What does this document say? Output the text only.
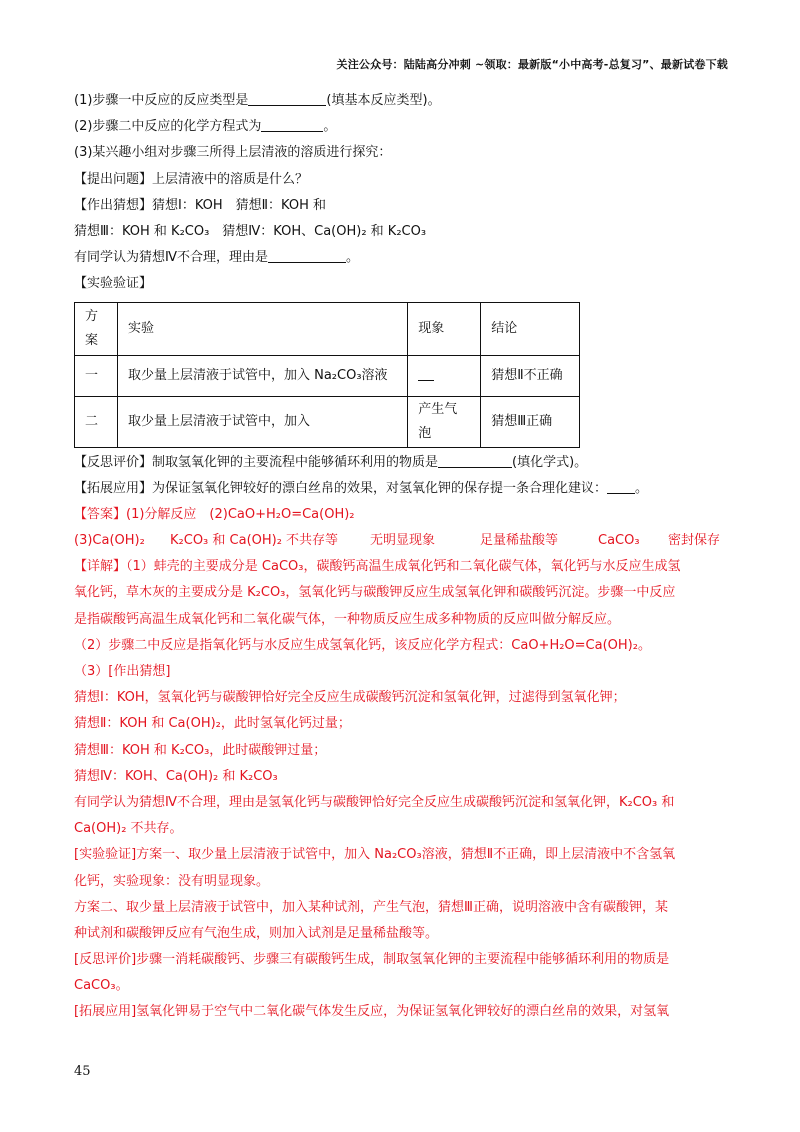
关注公众号：陆陆高分冲刺 ~领取：最新版“小中高考-总复习”、最新试卷下载
(1)步骤一中反应的反应类型是	(填基本反应类型)。
(2)步骤二中反应的化学方程式为	。
(3)某兴趣小组对步骤三所得上层清液的溶质进行探究：
【提出问题】上层清液中的溶质是什么？
【作出猜想】猜想Ⅰ：KOH　猜想Ⅱ：KOH 和
猜想Ⅲ：KOH 和 K₂CO₃　猜想Ⅳ：KOH、Ca(OH)₂ 和 K₂CO₃
有同学认为猜想Ⅳ不合理，理由是	。
【实验验证】
方案	实验	现象	结论
一	取少量上层清液于试管中，加入 Na₂CO₃溶液		猜想Ⅱ不正确
二	取少量上层清液于试管中，加入	产生气泡	猜想Ⅲ正确
【反思评价】制取氢氧化钾的主要流程中能够循环利用的物质是	(填化学式)。
【拓展应用】为保证氢氧化钾较好的漂白丝帛的效果，对氢氧化钾的保存提一条合理化建议： 。
【答案】(1)分解反应　(2)CaO+H₂O=Ca(OH)₂
(3)Ca(OH)₂	K₂CO₃ 和 Ca(OH)₂ 不共存等	无明显现象	足量稀盐酸等	CaCO₃	密封保存
【详解】（1）蚌壳的主要成分是 CaCO₃，碳酸钙高温生成氧化钙和二氧化碳气体，氧化钙与水反应生成氢
氧化钙，草木灰的主要成分是 K₂CO₃，氢氧化钙与碳酸钾反应生成氢氧化钾和碳酸钙沉淀。步骤一中反应
是指碳酸钙高温生成氧化钙和二氧化碳气体，一种物质反应生成多种物质的反应叫做分解反应。
（2）步骤二中反应是指氧化钙与水反应生成氢氧化钙，该反应化学方程式：CaO+H₂O=Ca(OH)₂。
（3）[作出猜想]
猜想Ⅰ：KOH，氢氧化钙与碳酸钾恰好完全反应生成碳酸钙沉淀和氢氧化钾，过滤得到氢氧化钾；
猜想Ⅱ：KOH 和 Ca(OH)₂，此时氢氧化钙过量；
猜想Ⅲ：KOH 和 K₂CO₃，此时碳酸钾过量；
猜想Ⅳ：KOH、Ca(OH)₂ 和 K₂CO₃
有同学认为猜想Ⅳ不合理，理由是氢氧化钙与碳酸钾恰好完全反应生成碳酸钙沉淀和氢氧化钾，K₂CO₃ 和
Ca(OH)₂ 不共存。
[实验验证]方案一、取少量上层清液于试管中，加入 Na₂CO₃溶液，猜想Ⅱ不正确，即上层清液中不含氢氧
化钙，实验现象：没有明显现象。
方案二、取少量上层清液于试管中，加入某种试剂，产生气泡，猜想Ⅲ正确，说明溶液中含有碳酸钾，某
种试剂和碳酸钾反应有气泡生成，则加入试剂是足量稀盐酸等。
[反思评价]步骤一消耗碳酸钙、步骤三有碳酸钙生成，制取氢氧化钾的主要流程中能够循环利用的物质是
CaCO₃。
[拓展应用]氢氧化钾易于空气中二氧化碳气体发生反应，为保证氢氧化钾较好的漂白丝帛的效果，对氢氧
45
